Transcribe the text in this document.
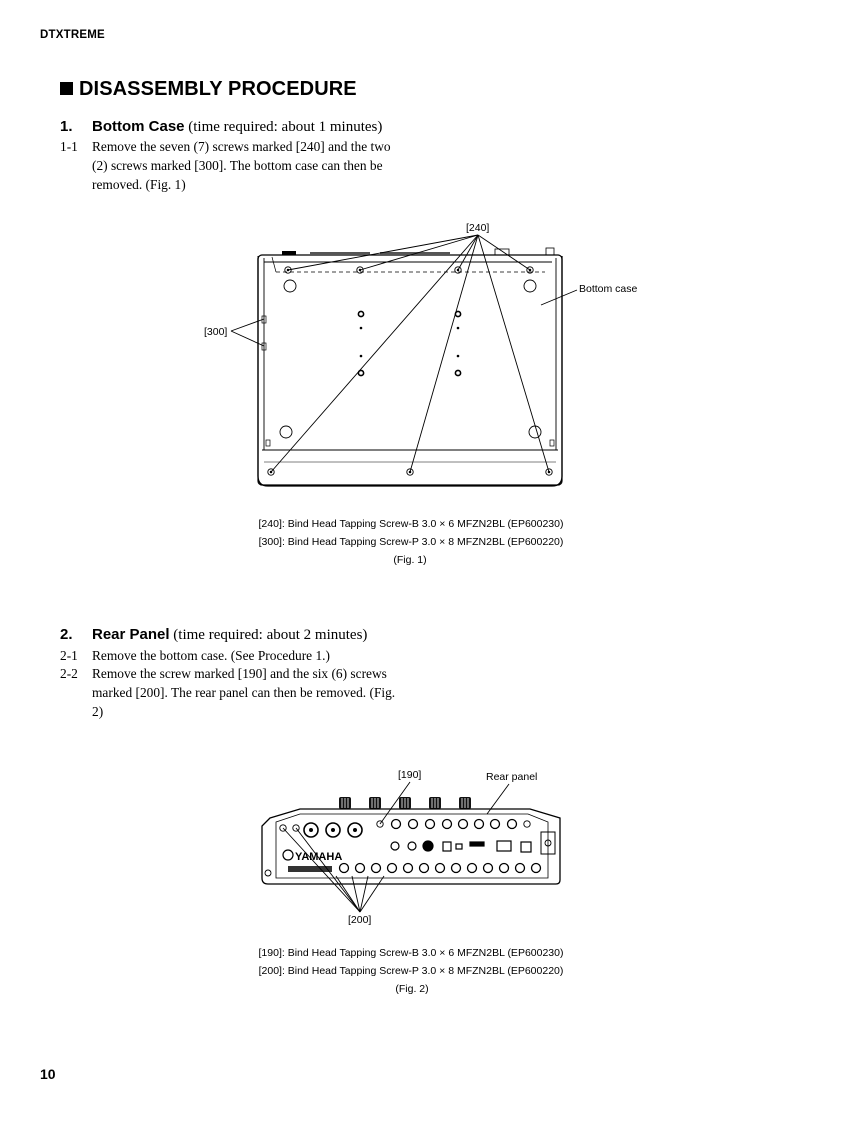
DTXTREME
DISASSEMBLY PROCEDURE
1. Bottom Case (time required: about 1 minutes)
1-1 Remove the seven (7) screws marked [240] and the two (2) screws marked [300]. The bottom case can then be removed. (Fig. 1)
[240]
[300]
Bottom case
[240]: Bind Head Tapping Screw-B 3.0 × 6 MFZN2BL (EP600230)
[300]: Bind Head Tapping Screw-P 3.0 × 8 MFZN2BL (EP600220)
(Fig. 1)
2. Rear Panel (time required: about 2 minutes)
2-1 Remove the bottom case. (See Procedure 1.)
2-2 Remove the screw marked [190] and the six (6) screws marked [200]. The rear panel can then be removed. (Fig. 2)
YAMAHA
[190]	Rear panel
[200]
[190]: Bind Head Tapping Screw-B 3.0 × 6 MFZN2BL (EP600230)
[200]: Bind Head Tapping Screw-P 3.0 × 8 MFZN2BL (EP600220)
(Fig. 2)
10
